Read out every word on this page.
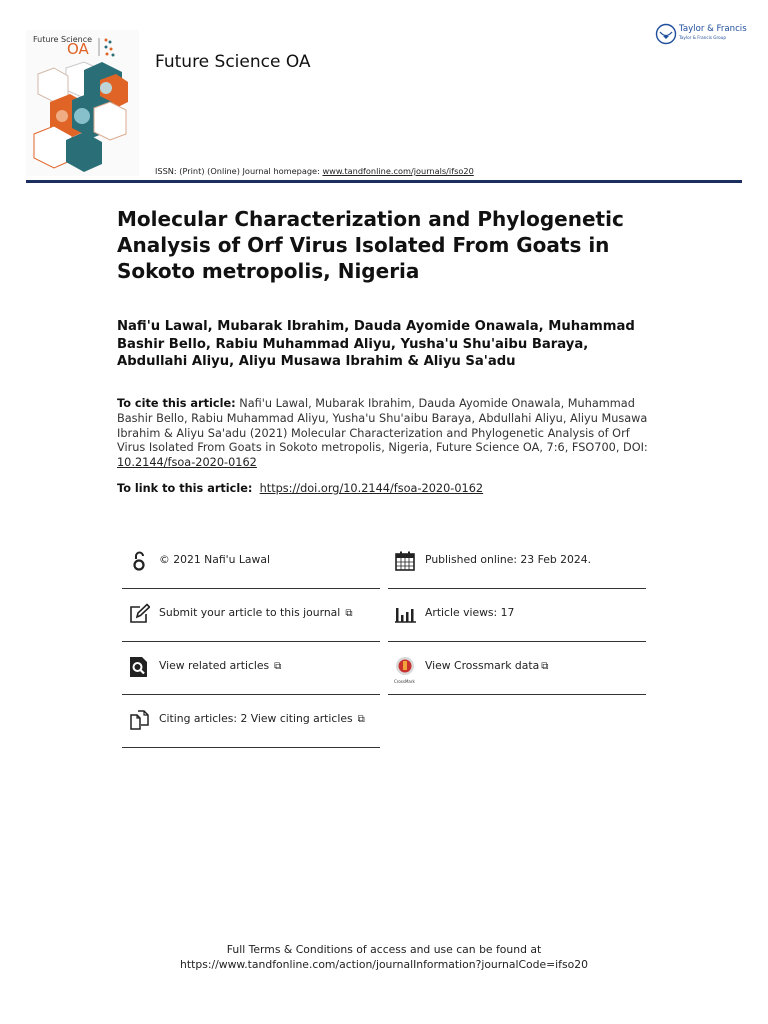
Future Science
OA
Future Science OA
ISSN: (Print) (Online) Journal homepage: www.tandfonline.com/journals/ifso20
Taylor & Francis
Taylor & Francis Group
Molecular Characterization and Phylogenetic Analysis of Orf Virus Isolated From Goats in Sokoto metropolis, Nigeria
Nafi'u Lawal, Mubarak Ibrahim, Dauda Ayomide Onawala, Muhammad Bashir Bello, Rabiu Muhammad Aliyu, Yusha'u Shu'aibu Baraya, Abdullahi Aliyu, Aliyu Musawa Ibrahim & Aliyu Sa'adu
To cite this article: Nafi'u Lawal, Mubarak Ibrahim, Dauda Ayomide Onawala, Muhammad Bashir Bello, Rabiu Muhammad Aliyu, Yusha'u Shu'aibu Baraya, Abdullahi Aliyu, Aliyu Musawa Ibrahim & Aliyu Sa'adu (2021) Molecular Characterization and Phylogenetic Analysis of Orf Virus Isolated From Goats in Sokoto metropolis, Nigeria, Future Science OA, 7:6, FSO700, DOI: 10.2144/fsoa-2020-0162
To link to this article: https://doi.org/10.2144/fsoa-2020-0162
© 2021 Nafi'u Lawal	Published online: 23 Feb 2024.
Submit your article to this journal ⧉	Article views: 17
View related articles ⧉
CrossMark
View Crossmark data ⧉
Citing articles: 2 View citing articles ⧉
Full Terms & Conditions of access and use can be found at
https://www.tandfonline.com/action/journalInformation?journalCode=ifso20
